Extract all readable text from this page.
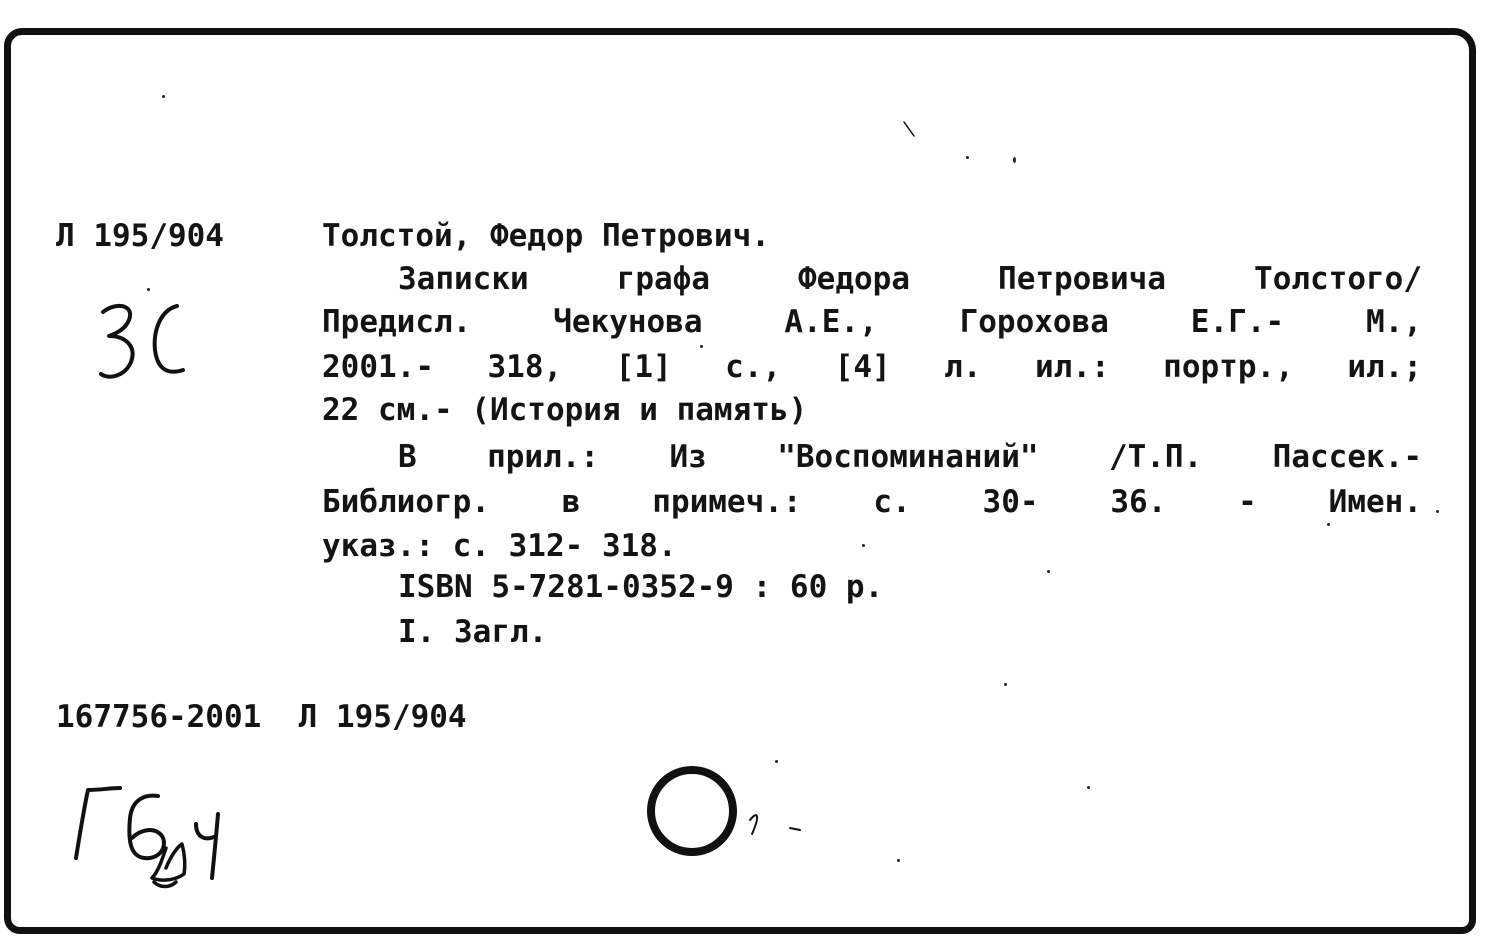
Л 195/904	Толстой, Федор Петрович.
Записки графа Федора Петровича Толстого/
Предисл. Чекунова А.Е., Горохова Е.Г.- М.,
2001.- 318, [1] с., [4] л. ил.: портр., ил.;
22 см.- (История и память)
В прил.: Из "Воспоминаний" /Т.П. Пассек.-
Библиогр. в примеч.: с. 30- 36. - Имен.
указ.: с. 312- 318.
ISBN 5-7281-0352-9 : 60 р.
I. Загл.
167756-2001  Л 195/904
